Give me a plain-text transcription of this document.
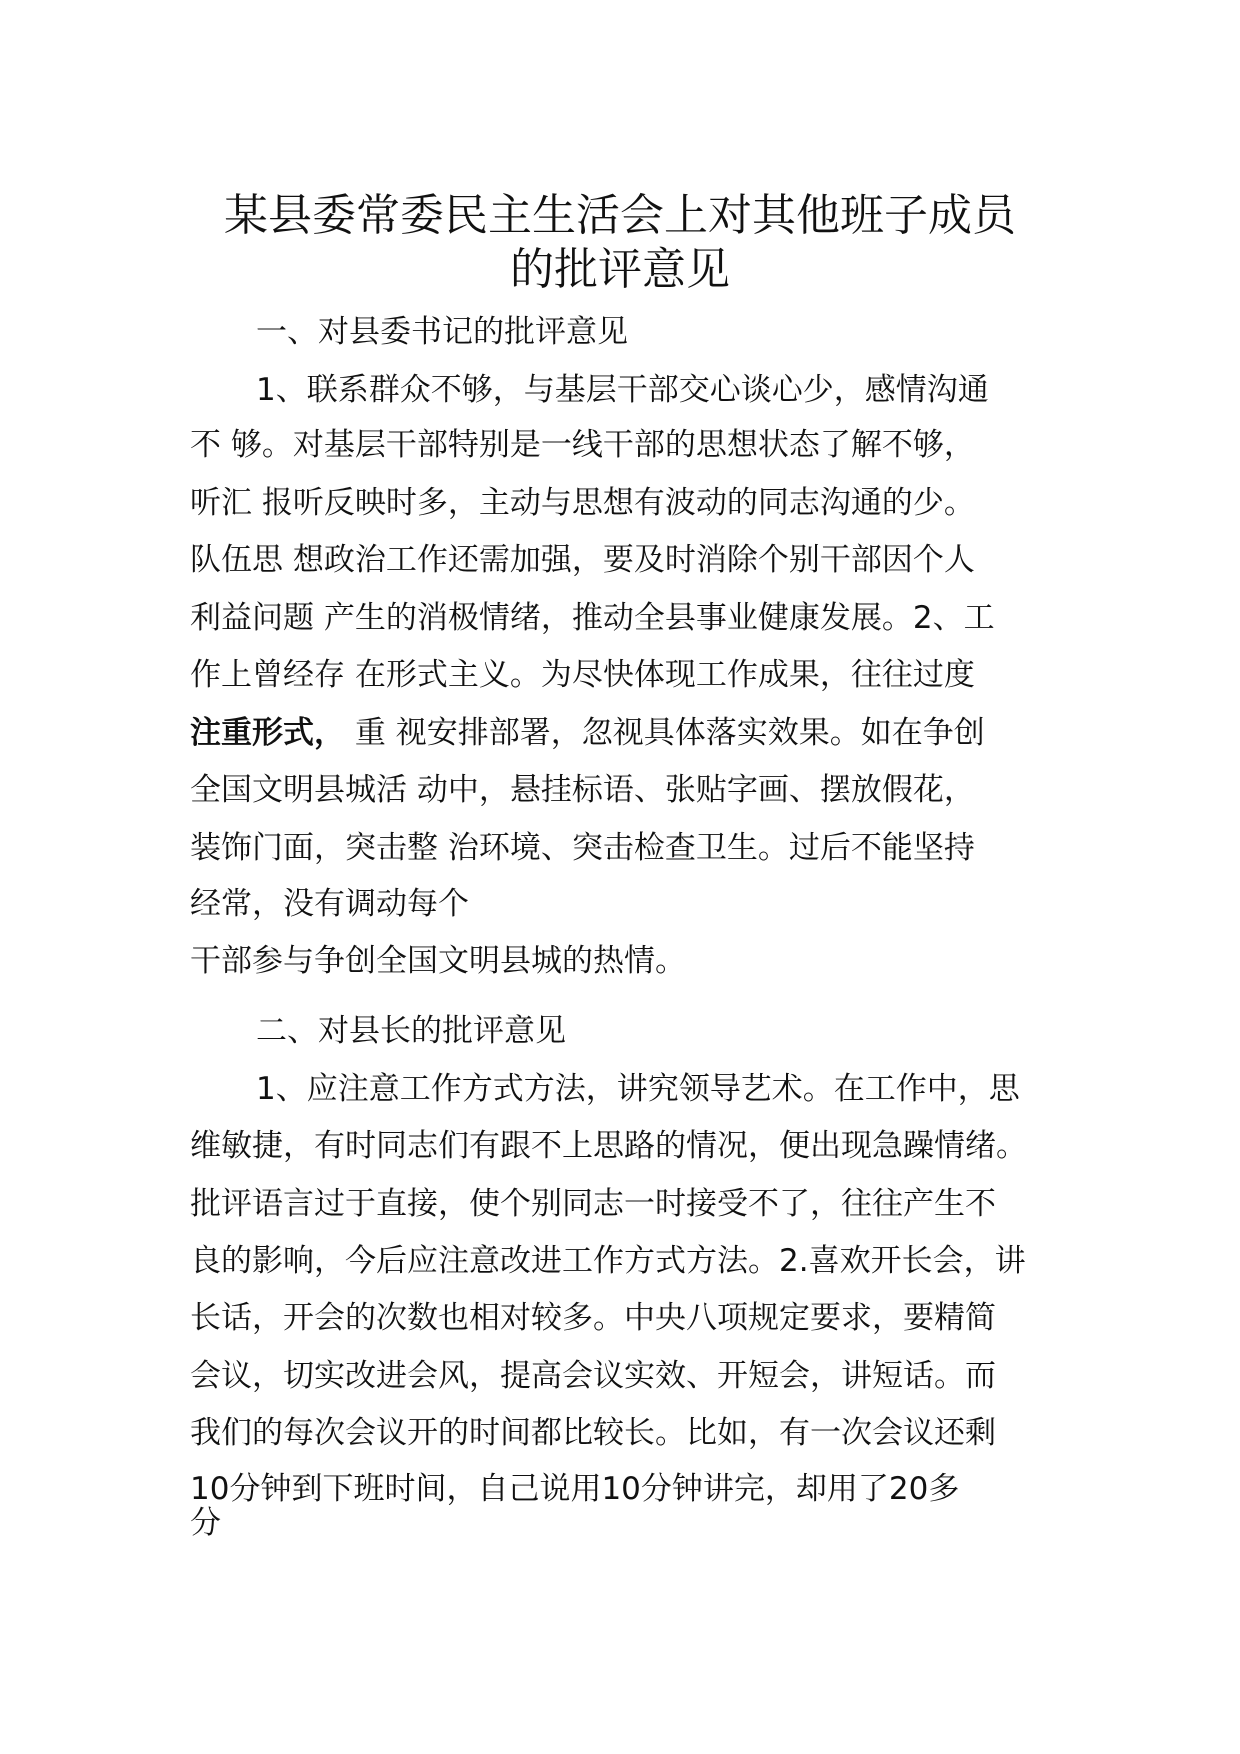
某县委常委民主生活会上对其他班子成员
的批评意见

一、对县委书记的批评意见

1、联系群众不够，与基层干部交心谈心少，感情沟通

不 够。对基层干部特别是一线干部的思想状态了解不够，

听汇 报听反映时多，主动与思想有波动的同志沟通的少。

队伍思 想政治工作还需加强，要及时消除个别干部因个人

利益问题 产生的消极情绪，推动全县事业健康发展。2、工

作上曾经存 在形式主义。为尽快体现工作成果，往往过度

注重形式， 重 视安排部署，忽视具体落实效果。如在争创

全国文明县城活 动中，悬挂标语、张贴字画、摆放假花，

装饰门面，突击整 治环境、突击检查卫生。过后不能坚持

经常，没有调动每个

干部参与争创全国文明县城的热情。

二、对县长的批评意见

1、应注意工作方式方法，讲究领导艺术。在工作中，思

维敏捷，有时同志们有跟不上思路的情况，便出现急躁情绪。

批评语言过于直接，使个别同志一时接受不了，往往产生不

良的影响，今后应注意改进工作方式方法。2.喜欢开长会，讲

长话，开会的次数也相对较多。中央八项规定要求，要精简

会议，切实改进会风，提高会议实效、开短会，讲短话。而

我们的每次会议开的时间都比较长。比如，有一次会议还剩

10分钟到下班时间，自己说用10分钟讲完，却用了20多

分
